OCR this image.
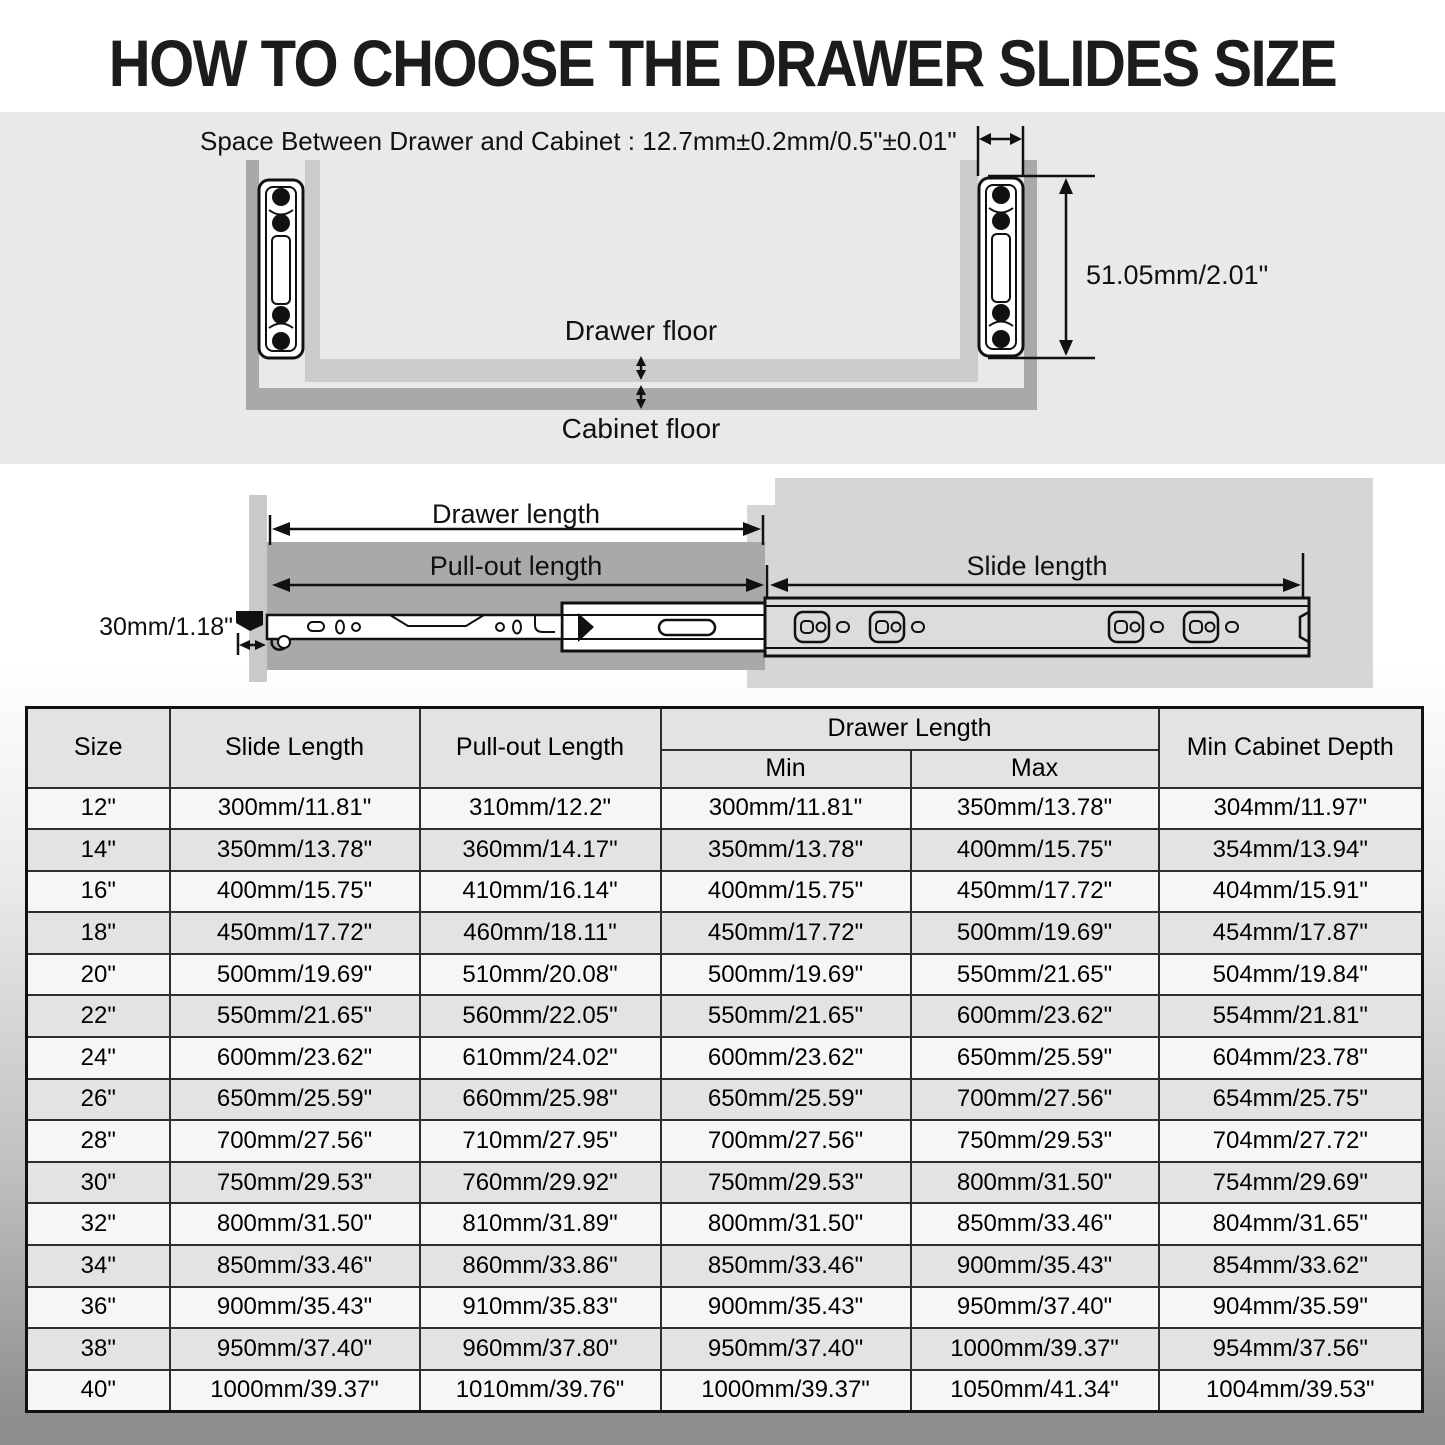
HOW TO CHOOSE THE DRAWER SLIDES SIZE
Space Between Drawer and Cabinet : 12.7mm±0.2mm/0.5"±0.01"
51.05mm/2.01"
Drawer floor
Cabinet floor
Drawer length
Pull-out length	Slide length
30mm/1.18"
Size	Slide Length	Pull-out Length	Drawer Length		Min Cabinet Depth
			Min	Max	
12"	300mm/11.81"	310mm/12.2"	300mm/11.81"	350mm/13.78"	304mm/11.97"
14"	350mm/13.78"	360mm/14.17"	350mm/13.78"	400mm/15.75"	354mm/13.94"
16"	400mm/15.75"	410mm/16.14"	400mm/15.75"	450mm/17.72"	404mm/15.91"
18"	450mm/17.72"	460mm/18.11"	450mm/17.72"	500mm/19.69"	454mm/17.87"
20"	500mm/19.69"	510mm/20.08"	500mm/19.69"	550mm/21.65"	504mm/19.84"
22"	550mm/21.65"	560mm/22.05"	550mm/21.65"	600mm/23.62"	554mm/21.81"
24"	600mm/23.62"	610mm/24.02"	600mm/23.62"	650mm/25.59"	604mm/23.78"
26"	650mm/25.59"	660mm/25.98"	650mm/25.59"	700mm/27.56"	654mm/25.75"
28"	700mm/27.56"	710mm/27.95"	700mm/27.56"	750mm/29.53"	704mm/27.72"
30"	750mm/29.53"	760mm/29.92"	750mm/29.53"	800mm/31.50"	754mm/29.69"
32"	800mm/31.50"	810mm/31.89"	800mm/31.50"	850mm/33.46"	804mm/31.65"
34"	850mm/33.46"	860mm/33.86"	850mm/33.46"	900mm/35.43"	854mm/33.62"
36"	900mm/35.43"	910mm/35.83"	900mm/35.43"	950mm/37.40"	904mm/35.59"
38"	950mm/37.40"	960mm/37.80"	950mm/37.40"	1000mm/39.37"	954mm/37.56"
40"	1000mm/39.37"	1010mm/39.76"	1000mm/39.37"	1050mm/41.34"	1004mm/39.53"
